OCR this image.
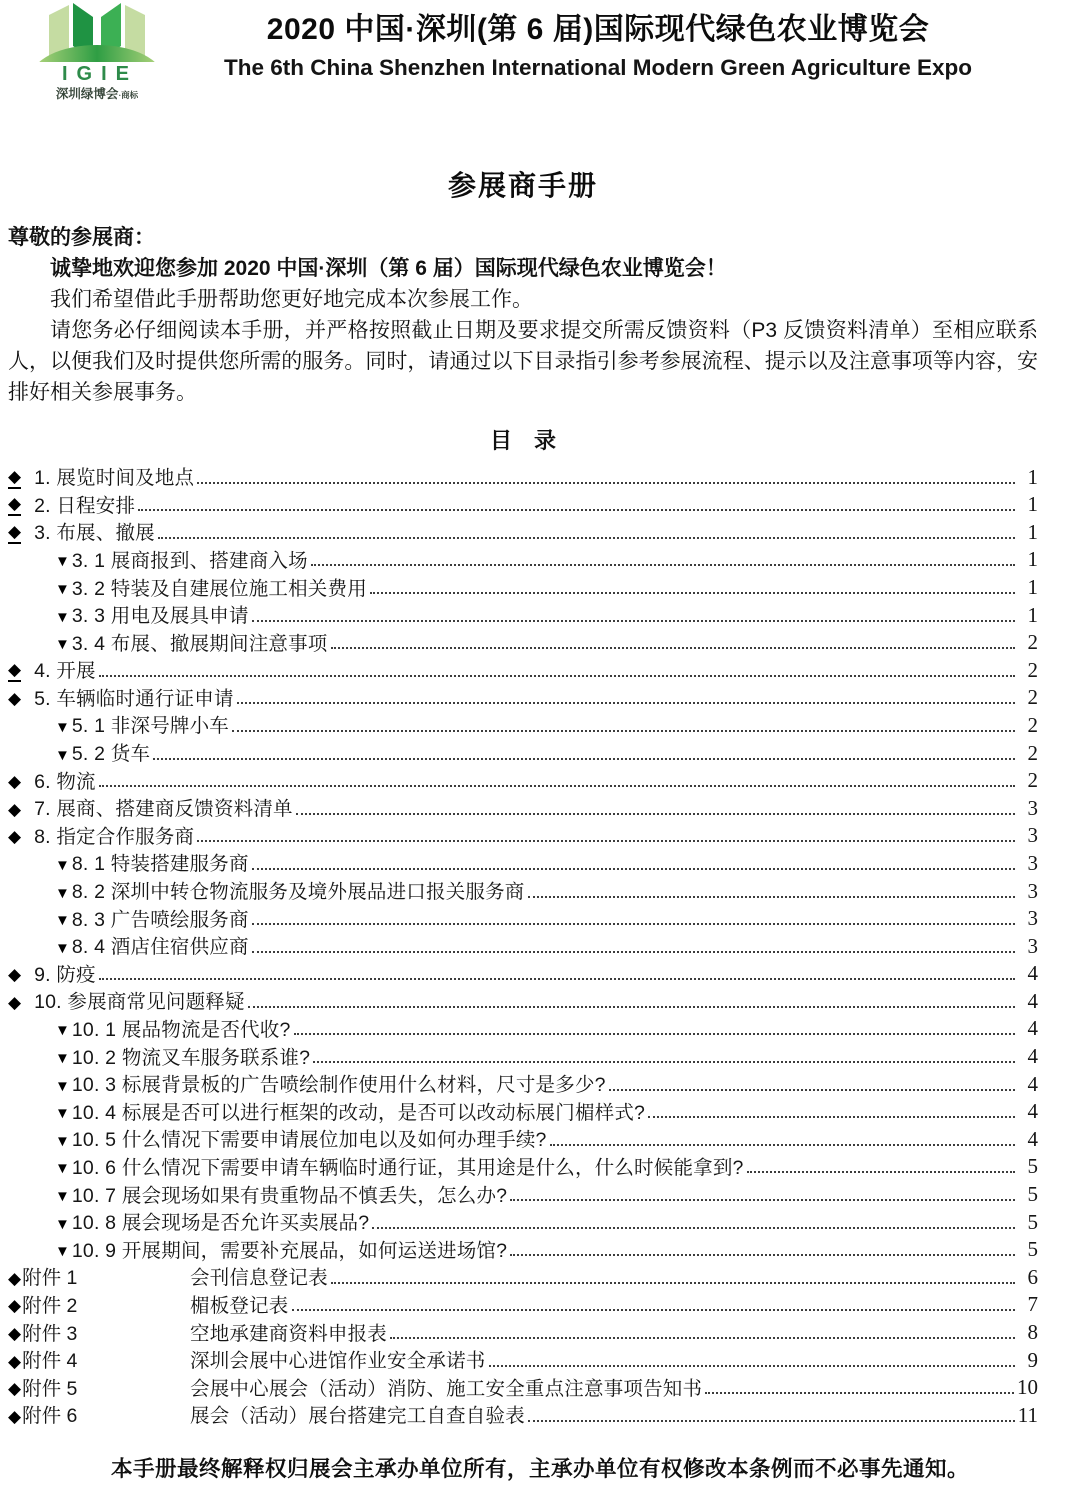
IGIE
深圳绿博会·商标
2020 中国·深圳(第 6 届)国际现代绿色农业博览会
The 6th China Shenzhen International Modern Green Agriculture Expo
参展商手册

尊敬的参展商：

诚挚地欢迎您参加 2020 中国·深圳（第 6 届）国际现代绿色农业博览会！

我们希望借此手册帮助您更好地完成本次参展工作。

请您务必仔细阅读本手册，并严格按照截止日期及要求提交所需反馈资料（P3 反馈资料清单）至相应联系人，以便我们及时提供您所需的服务。同时，请通过以下目录指引参考参展流程、提示以及注意事项等内容，安排好相关参展事务。

目　录
◆ 1. 展览时间及地点	1
◆ 2. 日程安排	1
◆ 3. 布展、撤展	1
▼ 3. 1 展商报到、搭建商入场	1
▼ 3. 2 特装及自建展位施工相关费用	1
▼ 3. 3 用电及展具申请	1
▼ 3. 4 布展、撤展期间注意事项	2
◆ 4. 开展	2
◆ 5. 车辆临时通行证申请	2
▼ 5. 1 非深号牌小车	2
▼ 5. 2 货车	2
◆ 6. 物流	2
◆ 7. 展商、搭建商反馈资料清单	3
◆ 8. 指定合作服务商	3
▼ 8. 1 特装搭建服务商	3
▼ 8. 2 深圳中转仓物流服务及境外展品进口报关服务商	3
▼ 8. 3 广告喷绘服务商	3
▼ 8. 4 酒店住宿供应商	3
◆ 9. 防疫	4
◆ 10. 参展商常见问题释疑	4
▼ 10. 1 展品物流是否代收?	4
▼ 10. 2 物流叉车服务联系谁?	4
▼ 10. 3 标展背景板的广告喷绘制作使用什么材料，尺寸是多少?	4
▼ 10. 4 标展是否可以进行框架的改动，是否可以改动标展门楣样式?	4
▼ 10. 5 什么情况下需要申请展位加电以及如何办理手续?	4
▼ 10. 6 什么情况下需要申请车辆临时通行证，其用途是什么，什么时候能拿到?	5
▼ 10. 7 展会现场如果有贵重物品不慎丢失，怎么办?	5
▼ 10. 8 展会现场是否允许买卖展品?	5
▼ 10. 9 开展期间，需要补充展品，如何运送进场馆?	5
◆ 附件 1	会刊信息登记表	6
◆ 附件 2	楣板登记表	7
◆ 附件 3	空地承建商资料申报表	8
◆ 附件 4	深圳会展中心进馆作业安全承诺书	9
◆ 附件 5	会展中心展会（活动）消防、施工安全重点注意事项告知书	10
◆ 附件 6	展会（活动）展台搭建完工自查自验表	11
本手册最终解释权归展会主承办单位所有，主承办单位有权修改本条例而不必事先通知。
